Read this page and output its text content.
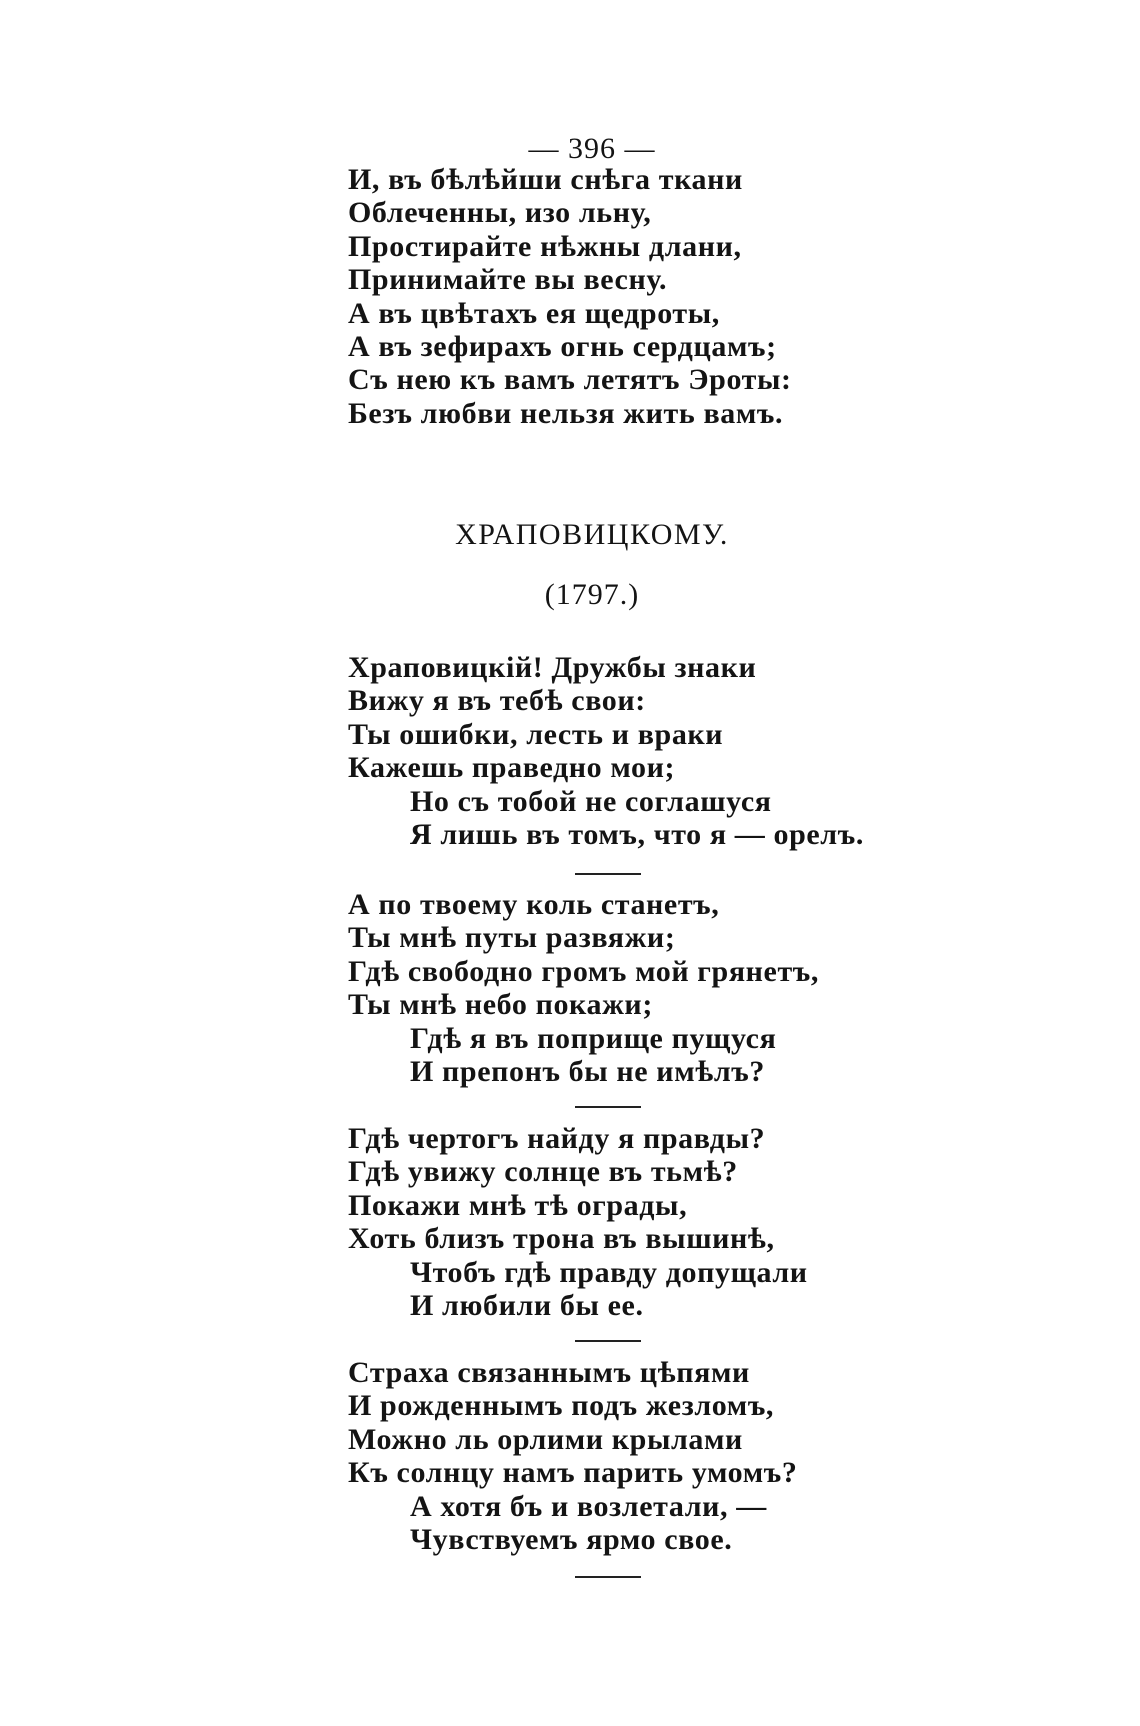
— 396 —
И, въ бѣлѣйши снѣга ткани
Облеченны, изо льну,
Простирайте нѣжны длани,
Принимайте вы весну.
А въ цвѣтахъ ея щедроты,
А въ зефирахъ огнь сердцамъ;
Съ нею къ вамъ летятъ Эроты:
Безъ любви нельзя жить вамъ.
ХРАПОВИЦКОМУ.
(1797.)
Храповицкій! Дружбы знаки
Вижу я въ тебѣ свои:
Ты ошибки, лесть и враки
Кажешь праведно мои;
Но съ тобой не соглашуся
Я лишь въ томъ, что я — орелъ.
А по твоему коль станетъ,
Ты мнѣ путы развяжи;
Гдѣ свободно громъ мой грянетъ,
Ты мнѣ небо покажи;
Гдѣ я въ поприще пущуся
И препонъ бы не имѣлъ?
Гдѣ чертогъ найду я правды?
Гдѣ увижу солнце въ тьмѣ?
Покажи мнѣ тѣ ограды,
Хоть близъ трона въ вышинѣ,
Чтобъ гдѣ правду допущали
И любили бы ее.
Страха связаннымъ цѣпями
И рожденнымъ подъ жезломъ,
Можно ль орлими крылами
Къ солнцу намъ парить умомъ?
А хотя бъ и возлетали, —
Чувствуемъ ярмо свое.
